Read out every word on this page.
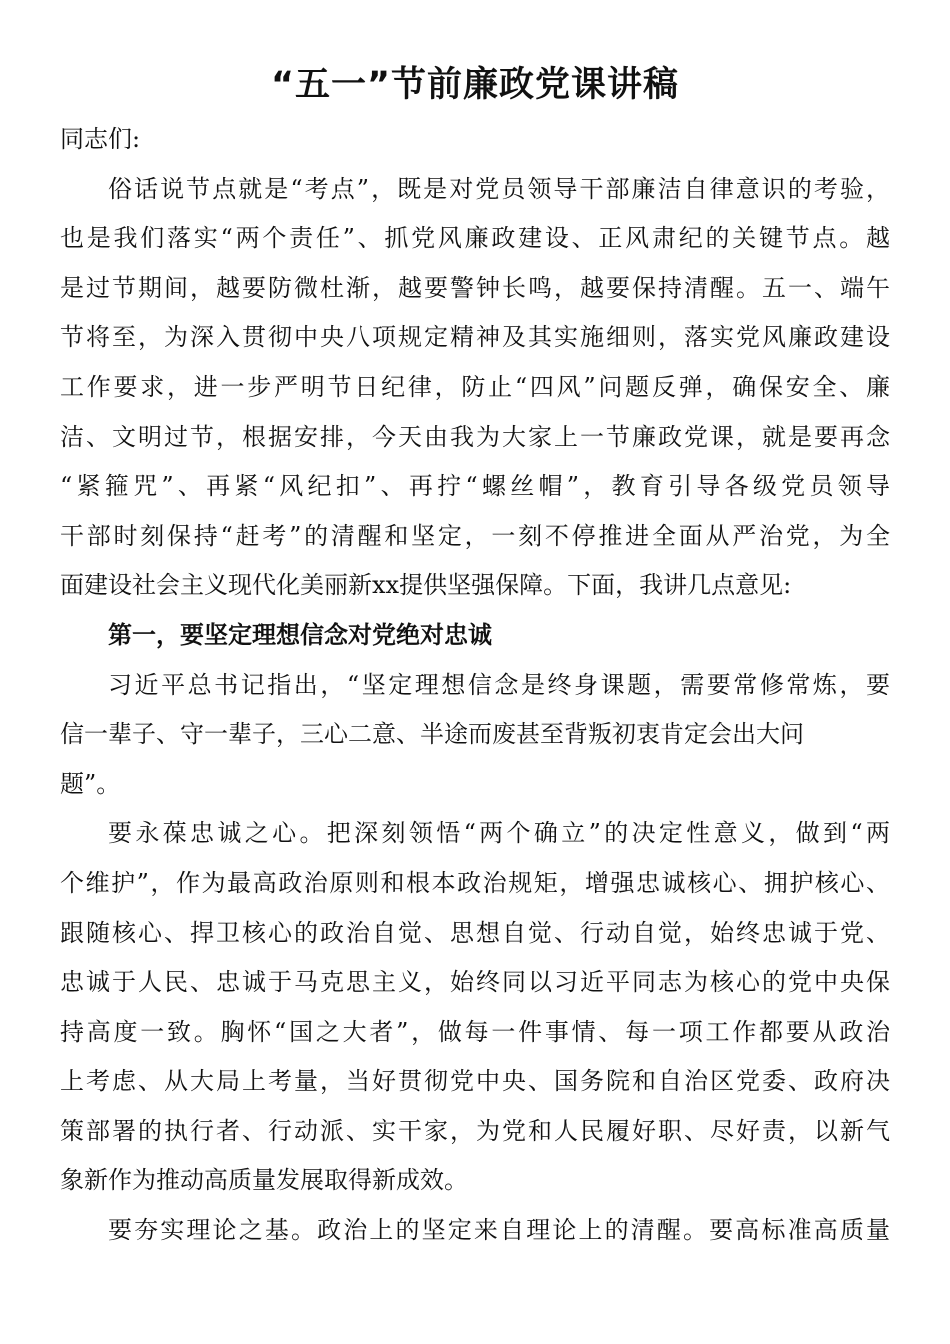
“五一”节前廉政党课讲稿
同志们:
俗话说节点就是“考点”，既是对党员领导干部廉洁自律意识的考验，
也是我们落实“两个责任”、抓党风廉政建设、正风肃纪的关键节点。越
是过节期间，越要防微杜渐，越要警钟长鸣，越要保持清醒。五一、端午
节将至，为深入贯彻中央八项规定精神及其实施细则，落实党风廉政建设
工作要求，进一步严明节日纪律，防止“四风”问题反弹，确保安全、廉
洁、文明过节，根据安排，今天由我为大家上一节廉政党课，就是要再念
“紧箍咒”、再紧“风纪扣”、再拧“螺丝帽”，教育引导各级党员领导
干部时刻保持“赶考”的清醒和坚定，一刻不停推进全面从严治党，为全
面建设社会主义现代化美丽新xx提供坚强保障。下面，我讲几点意见:
第一，要坚定理想信念对党绝对忠诚
习近平总书记指出，“坚定理想信念是终身课题，需要常修常炼，要
信一辈子、守一辈子，三心二意、半途而废甚至背叛初衷肯定会出大问
题”。
要永葆忠诚之心。把深刻领悟“两个确立”的决定性意义，做到“两
个维护”，作为最高政治原则和根本政治规矩，增强忠诚核心、拥护核心、
跟随核心、捍卫核心的政治自觉、思想自觉、行动自觉，始终忠诚于党、
忠诚于人民、忠诚于马克思主义，始终同以习近平同志为核心的党中央保
持高度一致。胸怀“国之大者”，做每一件事情、每一项工作都要从政治
上考虑、从大局上考量，当好贯彻党中央、国务院和自治区党委、政府决
策部署的执行者、行动派、实干家，为党和人民履好职、尽好责，以新气
象新作为推动高质量发展取得新成效。
要夯实理论之基。政治上的坚定来自理论上的清醒。要高标准高质量
